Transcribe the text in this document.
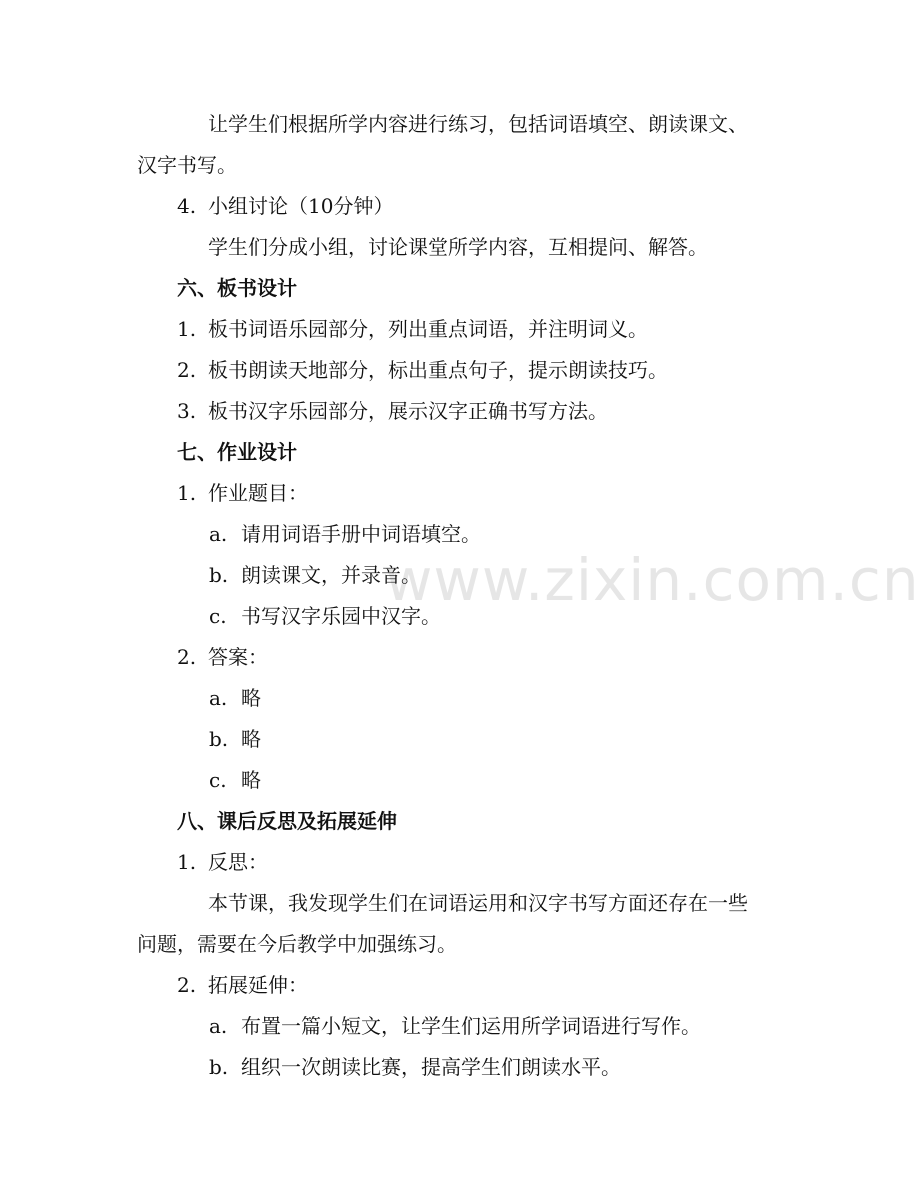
www.zixin.com.cn
让学生们根据所学内容进行练习，包括词语填空、朗读课文、
汉字书写。
4. 小组讨论（10分钟）
学生们分成小组，讨论课堂所学内容，互相提问、解答。
六、板书设计
1. 板书词语乐园部分，列出重点词语，并注明词义。
2. 板书朗读天地部分，标出重点句子，提示朗读技巧。
3. 板书汉字乐园部分，展示汉字正确书写方法。
七、作业设计
1. 作业题目：
a. 请用词语手册中词语填空。
b. 朗读课文，并录音。
c. 书写汉字乐园中汉字。
2. 答案：
a. 略
b. 略
c. 略
八、课后反思及拓展延伸
1. 反思：
本节课，我发现学生们在词语运用和汉字书写方面还存在一些
问题，需要在今后教学中加强练习。
2. 拓展延伸：
a. 布置一篇小短文，让学生们运用所学词语进行写作。
b. 组织一次朗读比赛，提高学生们朗读水平。
